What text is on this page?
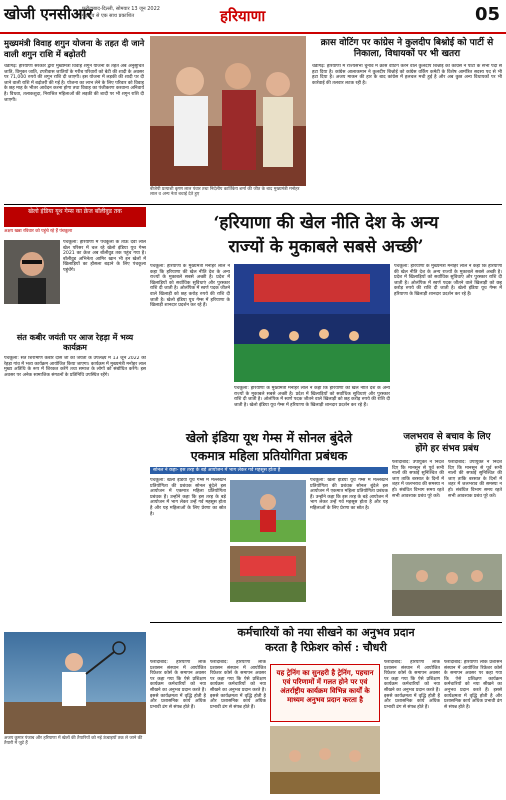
खोजी एनसीआर
फरीदाबाद-दिल्ली, सोमवार 13 जून 2022
गुड़गांव से एक साथ प्रकाशित	हरियाणा	05
मुख्यमंत्री विवाह शगुन योजना के तहत दी जाने वाली शगुन राशि में बढ़ोतरी
चंडीगढ़: हरियाणा सरकार द्वारा मुख्यमंत्री विवाह शगुन योजना के तहत अब अनुसूचित जाति, विमुक्त जाति, टपरीवास जातियों के गरीब परिवारों को बेटी की शादी के अवसर पर 71,000 रुपये की शगुन राशि दी जाएगी। इस योजना में लड़की की शादी पर दी जाने वाली राशि में बढ़ोतरी की गई है। योजना का लाभ लेने के लिए परिवार को विवाह के छह माह के भीतर आवेदन करना होगा तथा विवाह का पंजीकरण करवाना अनिवार्य है। विधवा, तलाकशुदा, निराश्रित महिलाओं की लड़की की शादी पर भी शगुन राशि दी जाएगी।
बीजेपी प्रत्याशी कृष्ण लाल पंवार तथा निर्दलीय कार्तिकेय शर्मा की जीत के बाद मुख्यमंत्री मनोहर लाल व अन्य नेता बधाई देते हुए
क्रास वोटिंग पर कांग्रेस ने कुलदीप बिश्नोई को पार्टी से निकाला, विधायकों पर भी खतरा
चंडीगढ़: हरियाणा में राज्यसभा चुनाव में क्रास वोटिंग करने वाले कुलदीप बिश्नोई को कांग्रेस ने पार्टी के सभी पदों से हटा दिया है। कांग्रेस आलाकमान ने कुलदीप बिश्नोई को कांग्रेस वर्किंग कमेटी के विशेष आमंत्रित सदस्य पद से भी हटा दिया है। अजय माकन की हार के बाद कांग्रेस में हलचल मची हुई है और अब कुछ अन्य विधायकों पर भी कार्रवाई की तलवार लटक रही है।
खेलो इंडिया यूथ गेम्स का क्रेज बॉलीवुड तक
अक्षय खन्ना रविवार को पहुंचे रहे हैं पंचकूला
पंचकूला: हरियाणा में पंचकूला के ताऊ देवी लाल खेल परिसर में चल रहे खेलो इंडिया यूथ गेम्स 2021 का क्रेज अब बॉलीवुड तक पहुंच गया है। बॉलीवुड अभिनेता आमिर खान भी इन खेलों में खिलाड़ियों का हौसला बढ़ाने के लिए पंचकूला पहुंचेंगे।
संत कबीर जयंती पर आज रेहड़ा में भव्य कार्यक्रम
पंचकूला: संत शिरोमणि कबीर दास जी की जयंती के उपलक्ष्य में 13 जून 2022 को रेहड़ा गांव में भव्य कार्यक्रम आयोजित किया जाएगा। कार्यक्रम में मुख्यमंत्री मनोहर लाल मुख्य अतिथि के रूप में शिरकत करेंगे तथा समाज के लोगों को संबोधित करेंगे। इस अवसर पर अनेक सामाजिक संगठनों के प्रतिनिधि उपस्थित रहेंगे।
अजय कुमार पंजाब और हरियाणा में खेलों की तैयारियों को नई ऊंचाइयों तक ले जाने की तैयारी में जुटे हैं
‘हरियाणा की खेल नीति देश के अन्य
राज्यों के मुकाबले सबसे अच्छी’
पंचकूला: हरियाणा के मुख्यमंत्री मनोहर लाल ने कहा कि हरियाणा की खेल नीति देश के अन्य राज्यों के मुकाबले सबसे अच्छी है। प्रदेश में खिलाड़ियों को सर्वाधिक सुविधाएं और पुरस्कार राशि दी जाती है। ओलंपिक में स्वर्ण पदक जीतने वाले खिलाड़ी को छह करोड़ रुपये की राशि दी जाती है। खेलो इंडिया यूथ गेम्स में हरियाणा के खिलाड़ी शानदार प्रदर्शन कर रहे हैं।
पंचकूला: हरियाणा के मुख्यमंत्री मनोहर लाल ने कहा कि हरियाणा की खेल नीति देश के अन्य राज्यों के मुकाबले सबसे अच्छी है। प्रदेश में खिलाड़ियों को सर्वाधिक सुविधाएं और पुरस्कार राशि दी जाती है। ओलंपिक में स्वर्ण पदक जीतने वाले खिलाड़ी को छह करोड़ रुपये की राशि दी जाती है। खेलो इंडिया यूथ गेम्स में हरियाणा के खिलाड़ी शानदार प्रदर्शन कर रहे हैं।
पंचकूला: हरियाणा के मुख्यमंत्री मनोहर लाल ने कहा कि हरियाणा की खेल नीति देश के अन्य राज्यों के मुकाबले सबसे अच्छी है। प्रदेश में खिलाड़ियों को सर्वाधिक सुविधाएं और पुरस्कार राशि दी जाती है। ओलंपिक में स्वर्ण पदक जीतने वाले खिलाड़ी को छह करोड़ रुपये की राशि दी जाती है। खेलो इंडिया यूथ गेम्स में हरियाणा के खिलाड़ी शानदार प्रदर्शन कर रहे हैं।
खेलो इंडिया यूथ गेम्स में सोनल बुंदेले
एकमात्र महिला प्रतियोगिता प्रबंधक
सोनल ने कहा- इस तरह के बड़े आयोजन में भाग लेकर गर्व महसूस होता है
पंचकूला: खेलो इंडिया यूथ गेम्स में मल्लखंभ प्रतियोगिता की प्रबंधक सोनल बुंदेले इस आयोजन में एकमात्र महिला प्रतियोगिता प्रबंधक हैं। उन्होंने कहा कि इस तरह के बड़े आयोजन में भाग लेकर उन्हें गर्व महसूस होता है और यह महिलाओं के लिए प्रेरणा का स्रोत है।
पंचकूला: खेलो इंडिया यूथ गेम्स में मल्लखंभ प्रतियोगिता की प्रबंधक सोनल बुंदेले इस आयोजन में एकमात्र महिला प्रतियोगिता प्रबंधक हैं। उन्होंने कहा कि इस तरह के बड़े आयोजन में भाग लेकर उन्हें गर्व महसूस होता है और यह महिलाओं के लिए प्रेरणा का स्रोत है।
जलभराव से बचाव के लिए
होंगे हर संभव प्रबंध
फरीदाबाद: उपायुक्त ने निर्देश दिए कि मानसून से पूर्व सभी नालों की सफाई सुनिश्चित की जाए ताकि बरसात के दिनों में शहर में जलभराव की समस्या न हो। संबंधित विभाग समय रहते सभी आवश्यक प्रबंध पूरे करें।
फरीदाबाद: उपायुक्त ने निर्देश दिए कि मानसून से पूर्व सभी नालों की सफाई सुनिश्चित की जाए ताकि बरसात के दिनों में शहर में जलभराव की समस्या न हो। संबंधित विभाग समय रहते सभी आवश्यक प्रबंध पूरे करें।
कर्मचारियों को नया सीखने का अनुभव प्रदान
करता है रिफ्रेशर कोर्स : चौधरी
फरीदाबाद: हरियाणा लोक प्रशासन संस्थान में आयोजित रिफ्रेशर कोर्स के समापन अवसर पर कहा गया कि ऐसे प्रशिक्षण कार्यक्रम कर्मचारियों को नया सीखने का अनुभव प्रदान करते हैं। इससे कार्यक्षमता में वृद्धि होती है और प्रशासनिक कार्य अधिक प्रभावी ढंग से संपन्न होते हैं।
फरीदाबाद: हरियाणा लोक प्रशासन संस्थान में आयोजित रिफ्रेशर कोर्स के समापन अवसर पर कहा गया कि ऐसे प्रशिक्षण कार्यक्रम कर्मचारियों को नया सीखने का अनुभव प्रदान करते हैं। इससे कार्यक्षमता में वृद्धि होती है और प्रशासनिक कार्य अधिक प्रभावी ढंग से संपन्न होते हैं।
यह ट्रेनिंग का सुनहरी है ट्रेनिंग, पहचान एवं परिणामों में गलत होने पर एवं अंतर्राष्ट्रीय कार्यक्रम विभिन्न कार्यों के माध्यम अनुभव प्रदान करता है
फरीदाबाद: हरियाणा लोक प्रशासन संस्थान में आयोजित रिफ्रेशर कोर्स के समापन अवसर पर कहा गया कि ऐसे प्रशिक्षण कार्यक्रम कर्मचारियों को नया सीखने का अनुभव प्रदान करते हैं। इससे कार्यक्षमता में वृद्धि होती है और प्रशासनिक कार्य अधिक प्रभावी ढंग से संपन्न होते हैं।
फरीदाबाद: हरियाणा लोक प्रशासन संस्थान में आयोजित रिफ्रेशर कोर्स के समापन अवसर पर कहा गया कि ऐसे प्रशिक्षण कार्यक्रम कर्मचारियों को नया सीखने का अनुभव प्रदान करते हैं। इससे कार्यक्षमता में वृद्धि होती है और प्रशासनिक कार्य अधिक प्रभावी ढंग से संपन्न होते हैं।
